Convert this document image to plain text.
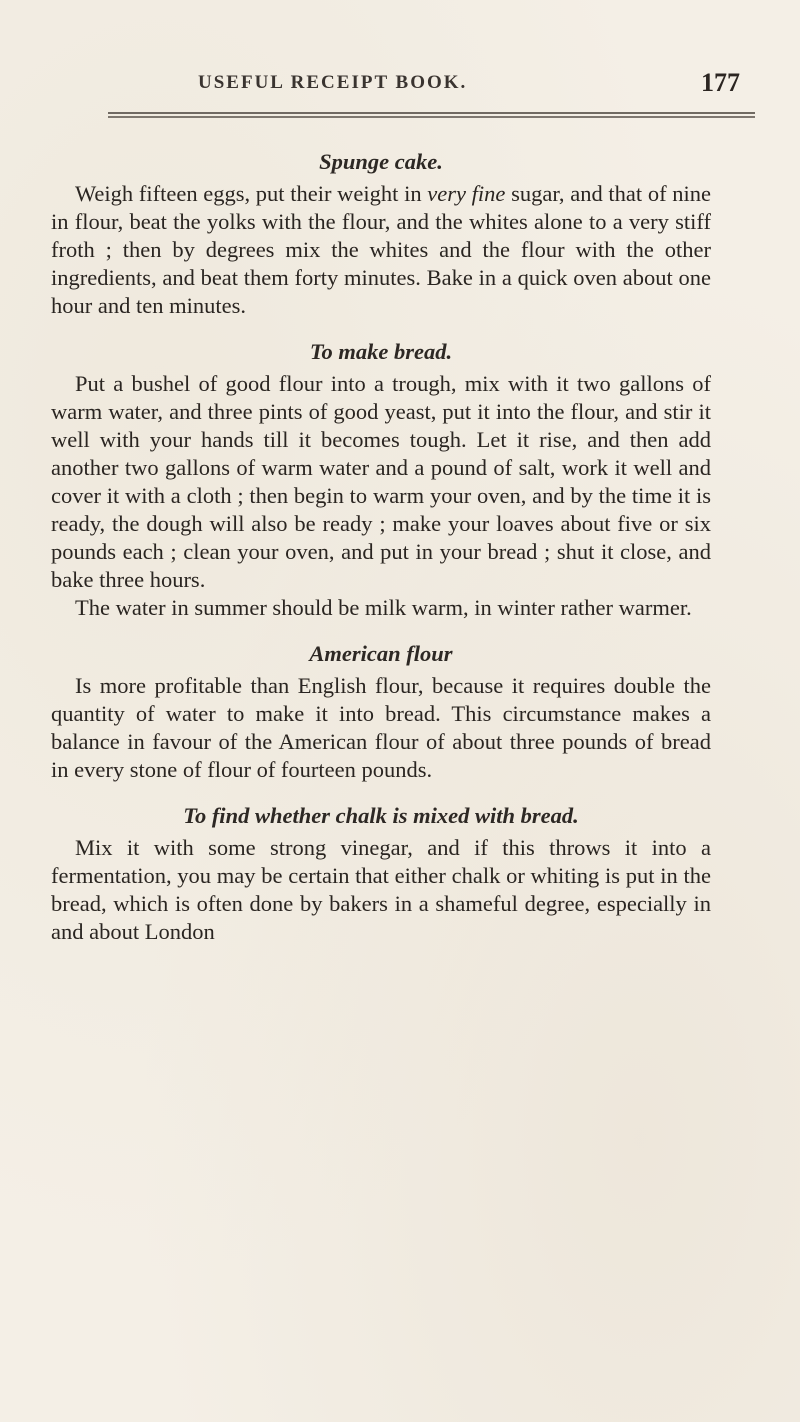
USEFUL RECEIPT BOOK.	177
Spunge cake.

Weigh fifteen eggs, put their weight in very fine sugar, and that of nine in flour, beat the yolks with the flour, and the whites alone to a very stiff froth ; then by degrees mix the whites and the flour with the other ingredients, and beat them forty minutes. Bake in a quick oven about one hour and ten minutes.

To make bread.

Put a bushel of good flour into a trough, mix with it two gallons of warm water, and three pints of good yeast, put it into the flour, and stir it well with your hands till it becomes tough. Let it rise, and then add another two gallons of warm water and a pound of salt, work it well and cover it with a cloth ; then begin to warm your oven, and by the time it is ready, the dough will also be ready ; make your loaves about five or six pounds each ; clean your oven, and put in your bread ; shut it close, and bake three hours.

The water in summer should be milk warm, in winter rather warmer.

American flour

Is more profitable than English flour, because it requires double the quantity of water to make it into bread. This circumstance makes a balance in favour of the American flour of about three pounds of bread in every stone of flour of fourteen pounds.

To find whether chalk is mixed with bread.

Mix it with some strong vinegar, and if this throws it into a fermentation, you may be certain that either chalk or whiting is put in the bread, which is often done by bakers in a shameful degree, especially in and about London
